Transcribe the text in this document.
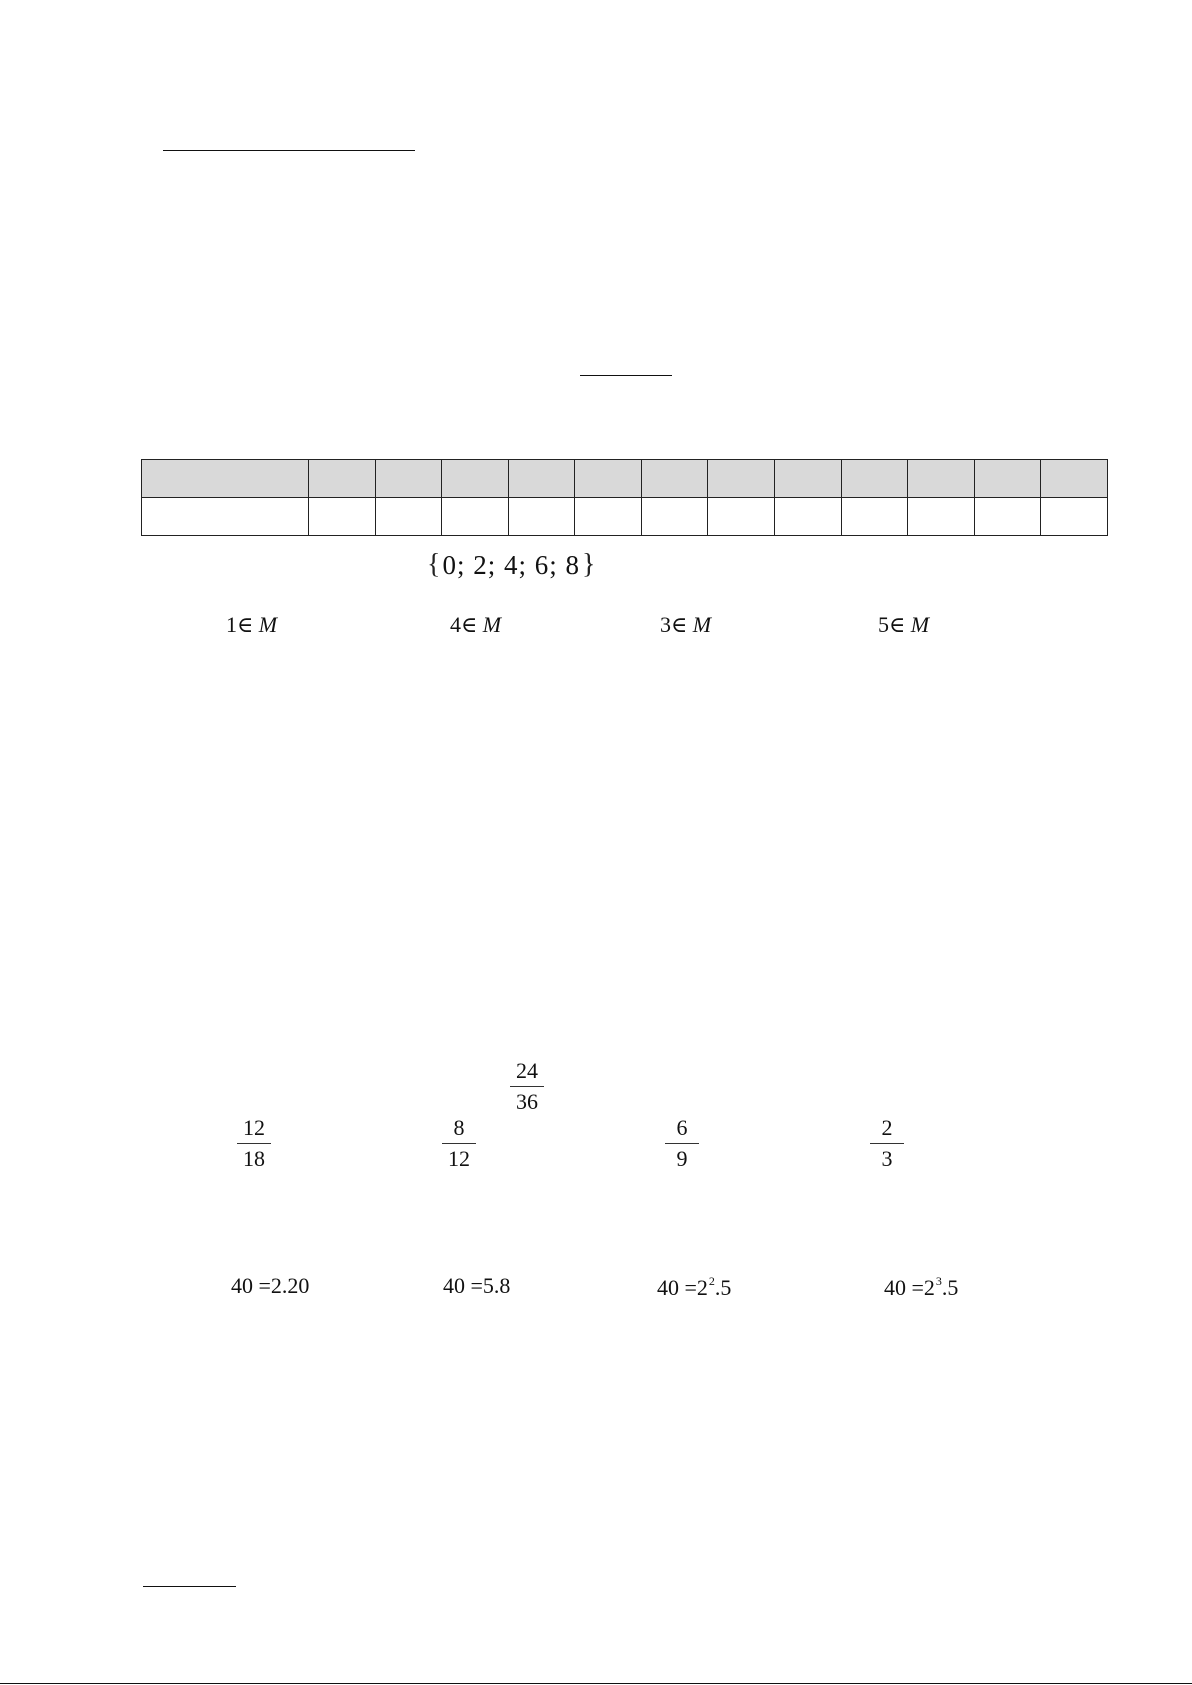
{ 0; 2; 4; 6; 8 }
1∈ M	4∈ M	3∈ M	5∈ M
24
36
12
18
8
12
6
9
2
3
40 =2.20	40 =5.8	$40 =2^2.5$	$40 =2^3.5$
